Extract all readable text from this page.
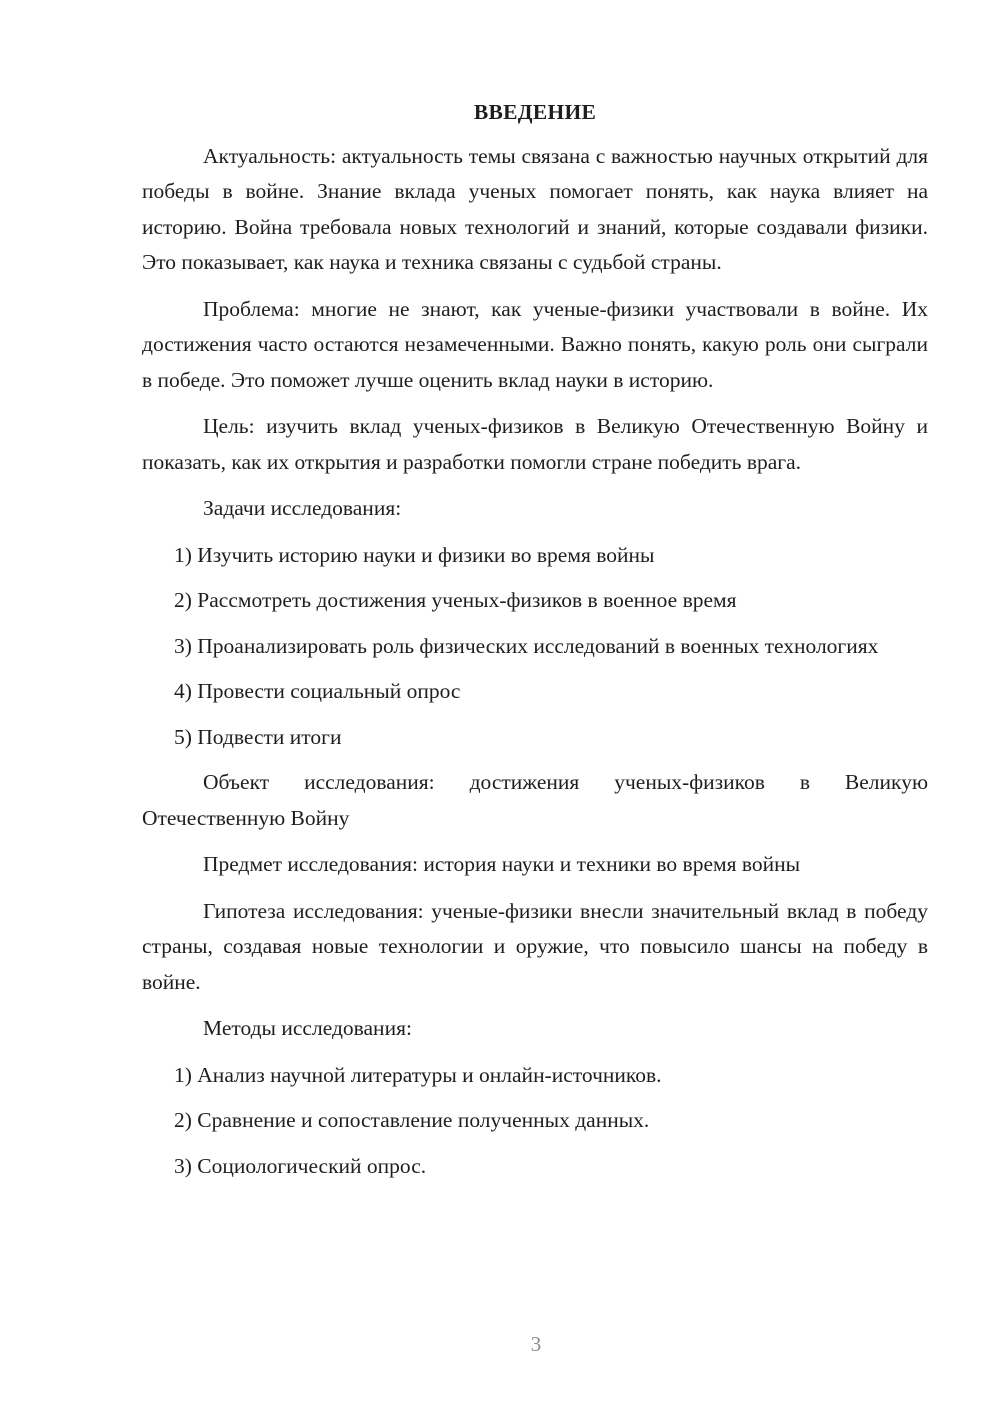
ВВЕДЕНИЕ

Актуальность: актуальность темы связана с важностью научных открытий для победы в войне. Знание вклада ученых помогает понять, как наука влияет на историю. Война требовала новых технологий и знаний, которые создавали физики. Это показывает, как наука и техника связаны с судьбой страны.

Проблема: многие не знают, как ученые-физики участвовали в войне. Их достижения часто остаются незамеченными. Важно понять, какую роль они сыграли в победе. Это поможет лучше оценить вклад науки в историю.

Цель: изучить вклад ученых-физиков в Великую Отечественную Войну и показать, как их открытия и разработки помогли стране победить врага.

Задачи исследования:

1) Изучить историю науки и физики во время войны

2) Рассмотреть достижения ученых-физиков в военное время

3) Проанализировать роль физических исследований в военных технологиях

4) Провести социальный опрос

5) Подвести итоги

Объект исследования: достижения ученых-физиков в Великую Отечественную Войну

Предмет исследования: история науки и техники во время войны

Гипотеза исследования: ученые-физики внесли значительный вклад в победу страны, создавая новые технологии и оружие, что повысило шансы на победу в войне.

Методы исследования:

1) Анализ научной литературы и онлайн-источников.

2) Сравнение и сопоставление полученных данных.

3) Социологический опрос.

3
